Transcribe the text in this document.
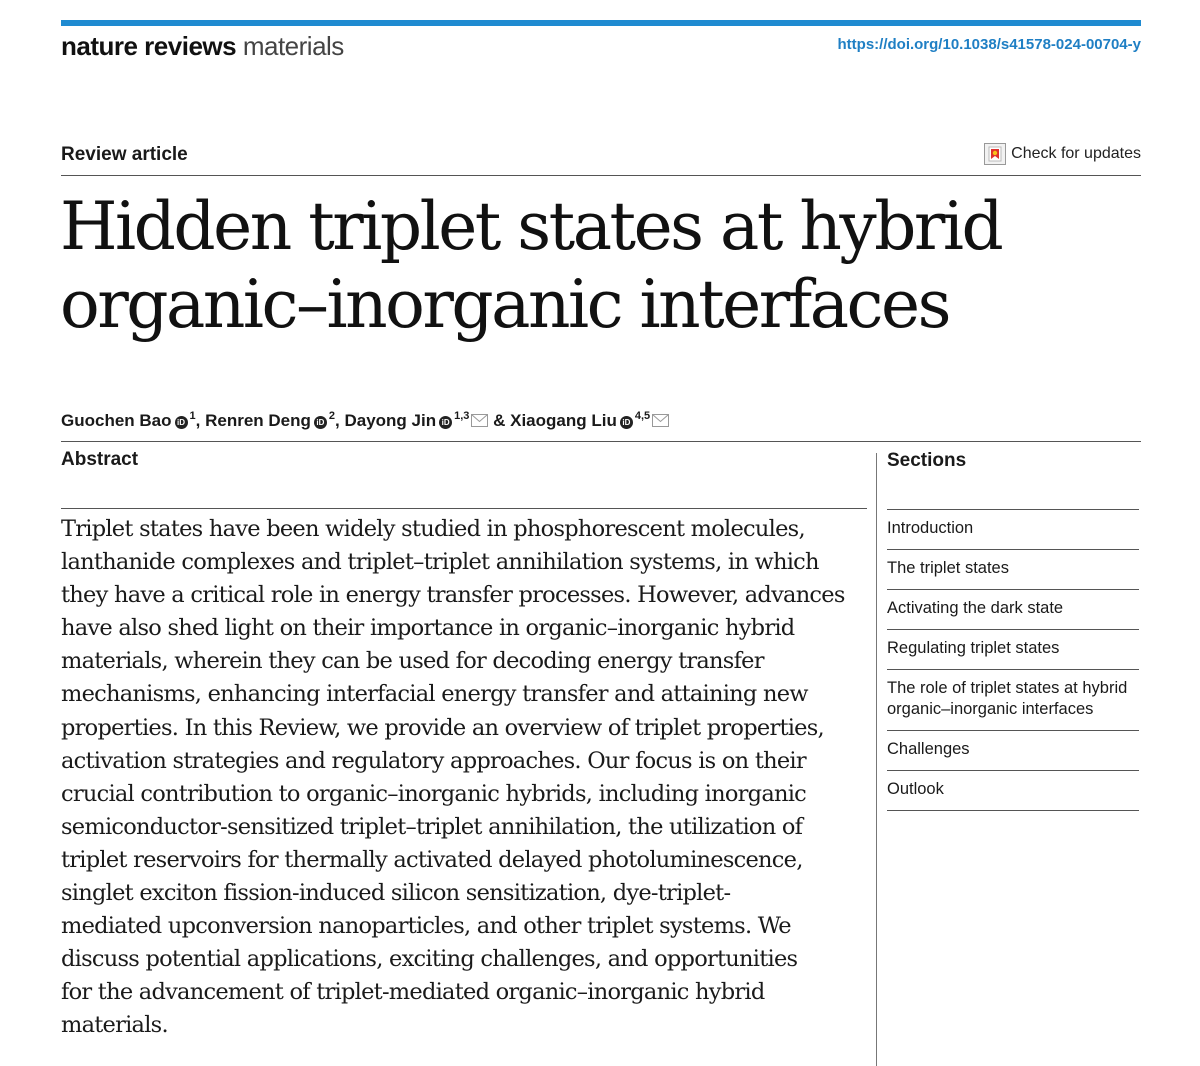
nature reviews materials	https://doi.org/10.1038/s41578-024-00704-y
Review article	Check for updates
Hidden triplet states at hybrid
organic–inorganic interfaces
Guochen Bao iD$^1$, Renren Deng iD$^2$, Dayong Jin iD$^{1,3}$ & Xiaogang Liu iD$^{4,5}$
Abstract

Triplet states have been widely studied in phosphorescent molecules,
lanthanide complexes and triplet–triplet annihilation systems, in which
they have a critical role in energy transfer processes. However, advances
have also shed light on their importance in organic–inorganic hybrid
materials, wherein they can be used for decoding energy transfer
mechanisms, enhancing interfacial energy transfer and attaining new
properties. In this Review, we provide an overview of triplet properties,
activation strategies and regulatory approaches. Our focus is on their
crucial contribution to organic–inorganic hybrids, including inorganic
semiconductor-sensitized triplet–triplet annihilation, the utilization of
triplet reservoirs for thermally activated delayed photoluminescence,
singlet exciton fission-induced silicon sensitization, dye-triplet-
mediated upconversion nanoparticles, and other triplet systems. We
discuss potential applications, exciting challenges, and opportunities
for the advancement of triplet-mediated organic–inorganic hybrid
materials.

Sections
Introduction
The triplet states
Activating the dark state
Regulating triplet states
The role of triplet states at hybrid organic–inorganic interfaces
Challenges
Outlook
